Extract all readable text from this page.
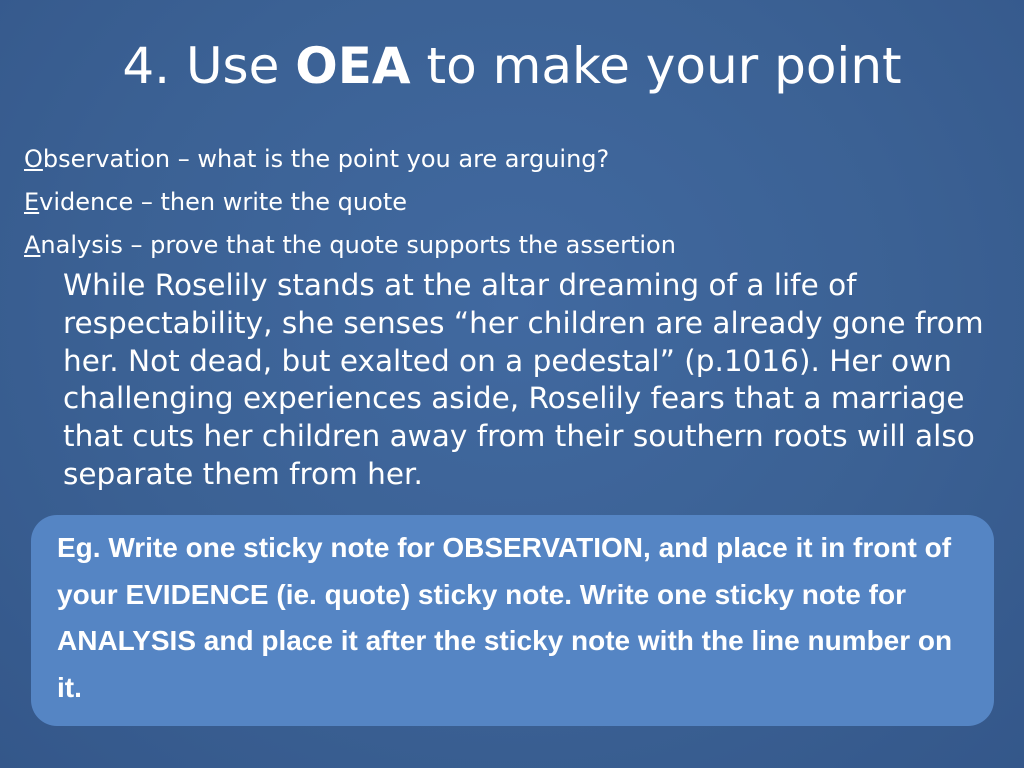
4. Use OEA to make your point
Observation – what is the point you are arguing?
Evidence – then write the quote
Analysis – prove that the quote supports the assertion
While Roselily stands at the altar dreaming of a life of respectability, she senses “her children are already gone from her. Not dead, but exalted on a pedestal” (p.1016). Her own challenging experiences aside, Roselily fears that a marriage that cuts her children away from their southern roots will also separate them from her.
Eg. Write one sticky note for OBSERVATION, and place it in front of your EVIDENCE (ie. quote) sticky note. Write one sticky note for ANALYSIS and place it after the sticky note with the line number on it.
